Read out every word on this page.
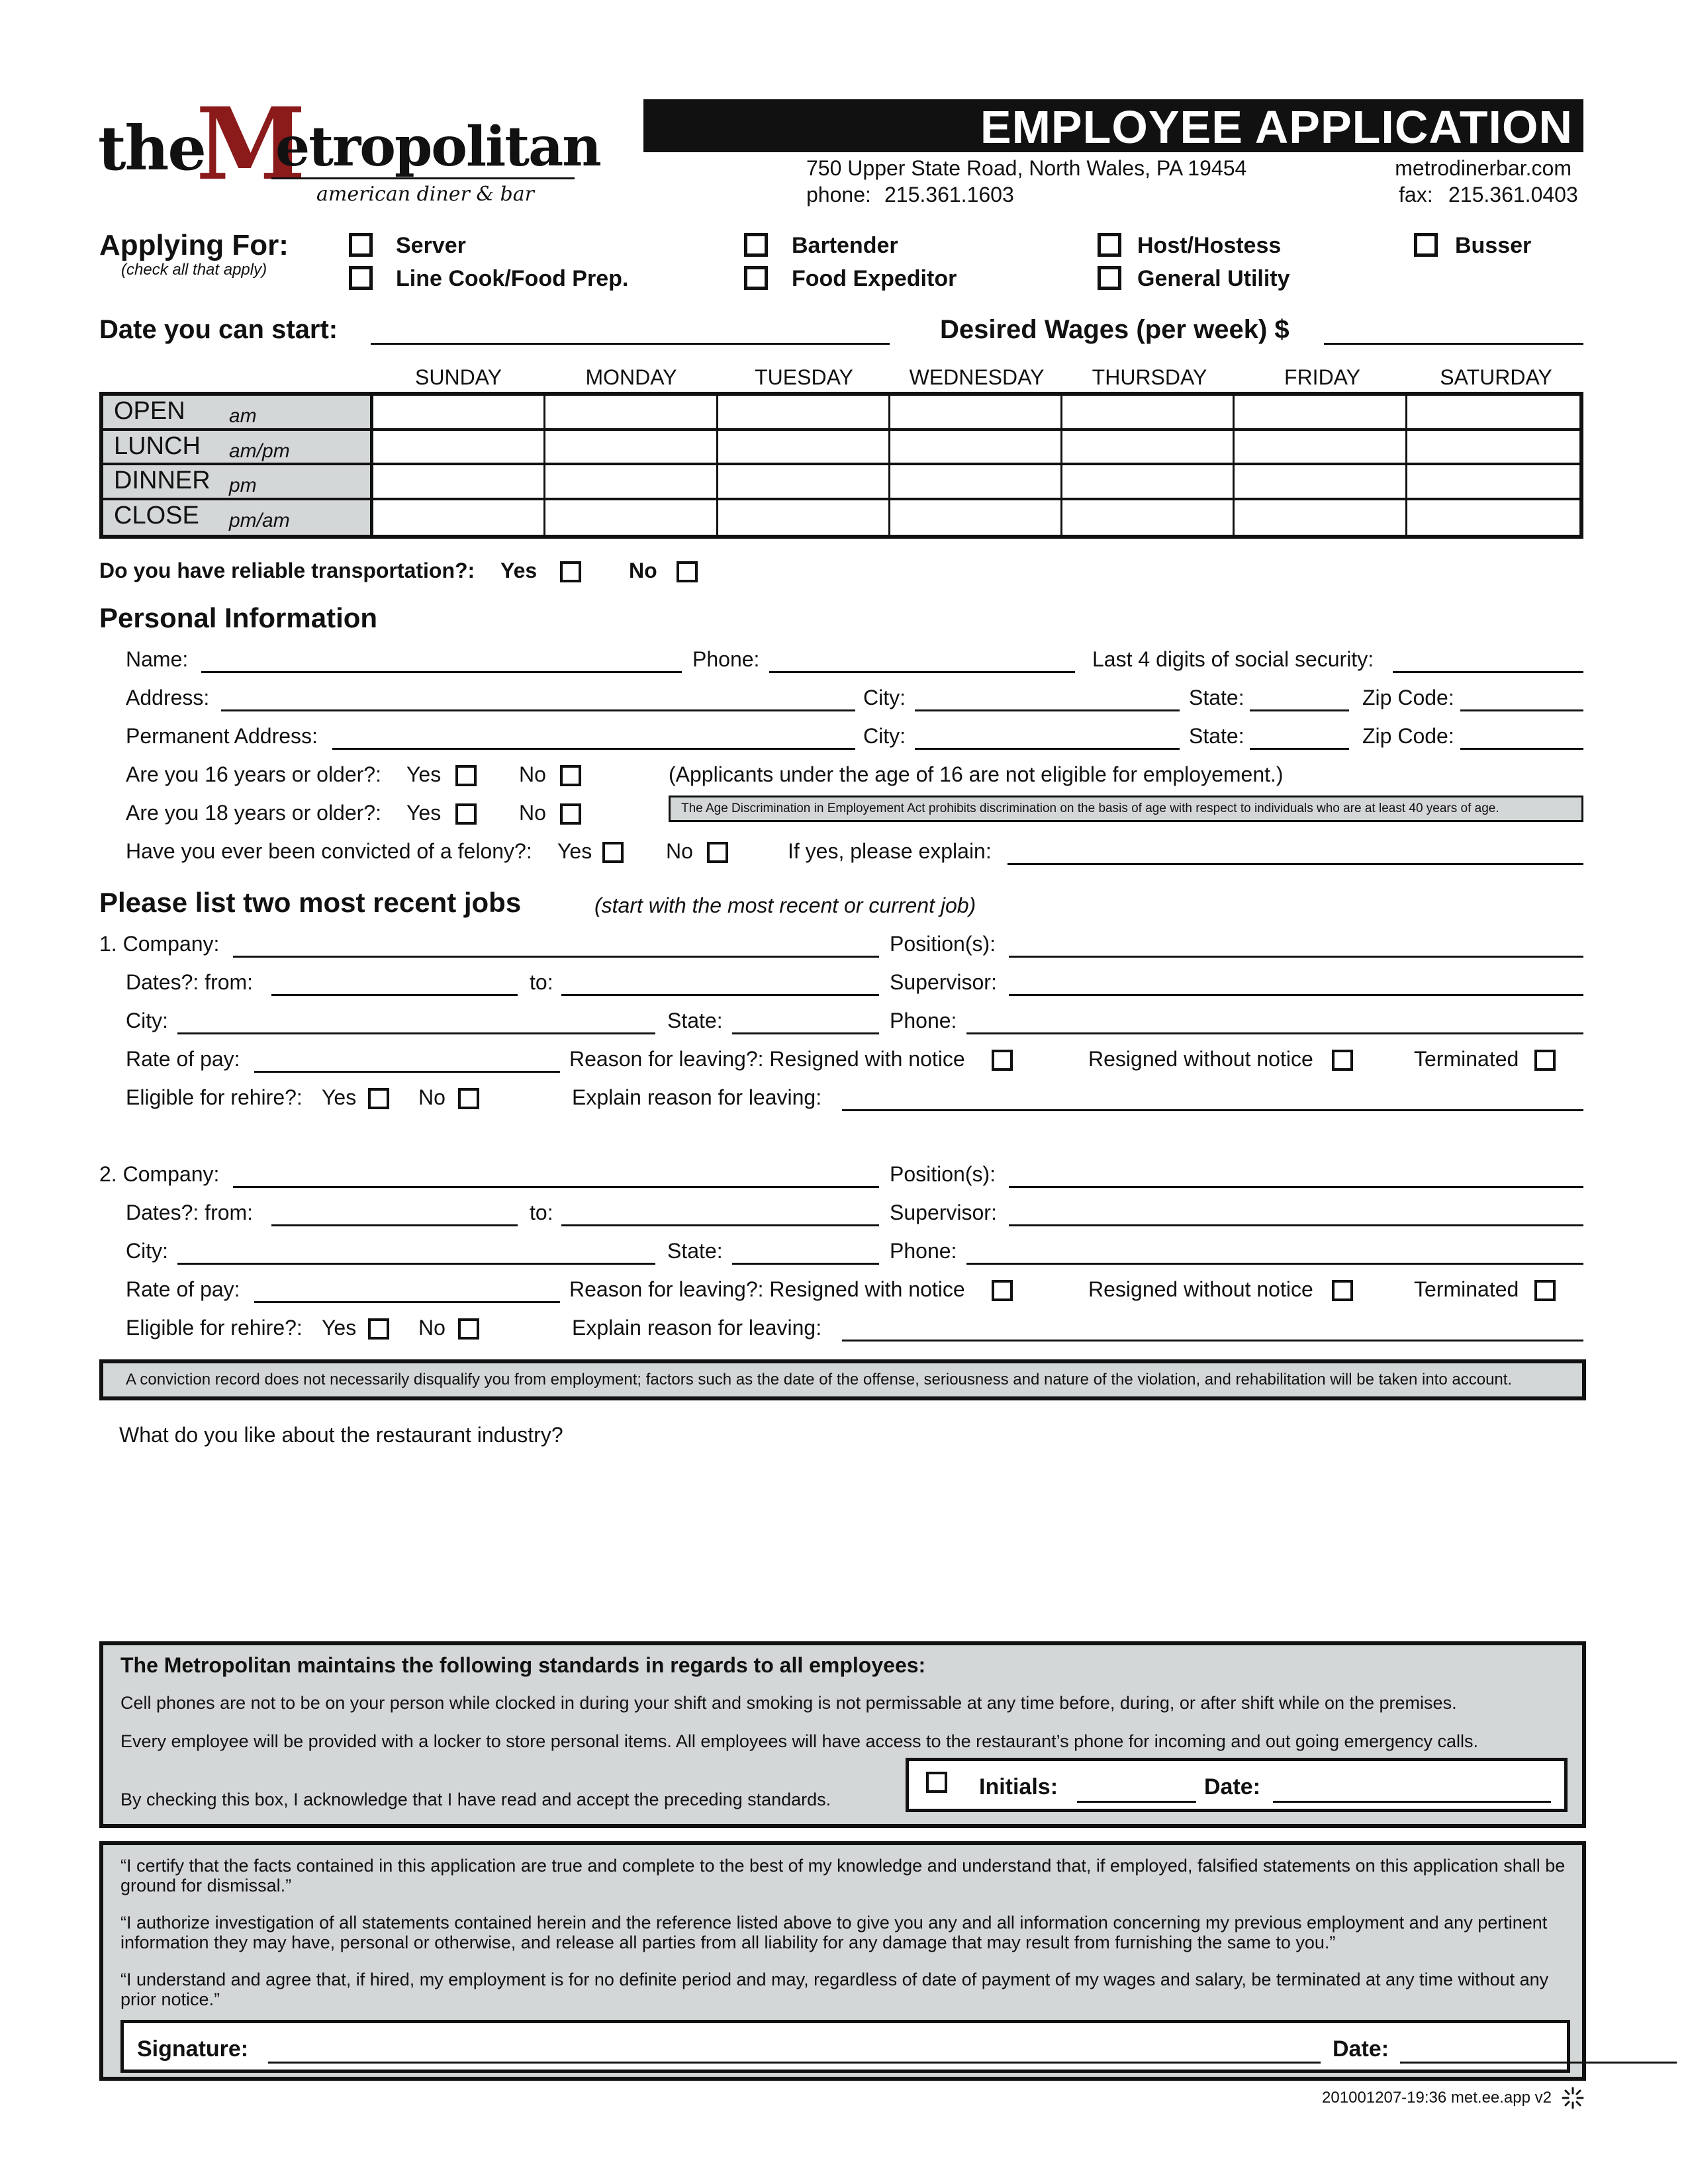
the
M
etropolitan
american diner & bar
EMPLOYEE APPLICATION
750 Upper State Road, North Wales, PA 19454
phone: 215.361.1603
metrodinerbar.com
fax: 215.361.0403
Applying For:
(check all that apply)
Server
Line Cook/Food Prep.
Bartender
Food Expeditor
Host/Hostess
General Utility
Busser
Date you can start:	Desired Wages (per week) $
SUNDAY	MONDAY	TUESDAY	WEDNESDAY	THURSDAY	FRIDAY	SATURDAY
OPEN am
LUNCH am/pm
DINNER pm
CLOSE pm/am
Do you have reliable transportation?: Yes	No
Personal Information
Name:	Phone:	Last 4 digits of social security:
Address:	City:	State:	Zip Code:
Permanent Address:	City:	State:	Zip Code:
Are you 16 years or older?: Yes	No	(Applicants under the age of 16 are not eligible for employement.)
Are you 18 years or older?: Yes	No	The Age Discrimination in Employement Act prohibits discrimination on the basis of age with respect to individuals who are at least 40 years of age.
Have you ever been convicted of a felony?: Yes	No	If yes, please explain:
Please list two most recent jobs	(start with the most recent or current job)
1. Company:	Position(s):
Dates?: from:	to:	Supervisor:
City:	State:	Phone:
Rate of pay:	Reason for leaving?: Resigned with notice	Resigned without notice	Terminated
Eligible for rehire?: Yes	No	Explain reason for leaving:
2. Company:	Position(s):
Dates?: from:	to:	Supervisor:
City:	State:	Phone:
Rate of pay:	Reason for leaving?: Resigned with notice	Resigned without notice	Terminated
Eligible for rehire?: Yes	No	Explain reason for leaving:
A conviction record does not necessarily disqualify you from employment; factors such as the date of the offense, seriousness and nature of the violation, and rehabilitation will be taken into account.
What do you like about the restaurant industry?
The Metropolitan maintains the following standards in regards to all employees:
Cell phones are not to be on your person while clocked in during your shift and smoking is not permissable at any time before, during, or after shift while on the premises.
Every employee will be provided with a locker to store personal items. All employees will have access to the restaurant’s phone for incoming and out going emergency calls.
By checking this box, I acknowledge that I have read and accept the preceding standards.	Initials:	Date:
“I certify that the facts contained in this application are true and complete to the best of my knowledge and understand that, if employed, falsified statements on this application shall be ground for dismissal.”
“I authorize investigation of all statements contained herein and the reference listed above to give you any and all information concerning my previous employment and any pertinent information they may have, personal or otherwise, and release all parties from all liability for any damage that may result from furnishing the same to you.”
“I understand and agree that, if hired, my employment is for no definite period and may, regardless of date of payment of my wages and salary, be terminated at any time without any prior notice.”
Signature:	Date:
201001207-19:36 met.ee.app v2
